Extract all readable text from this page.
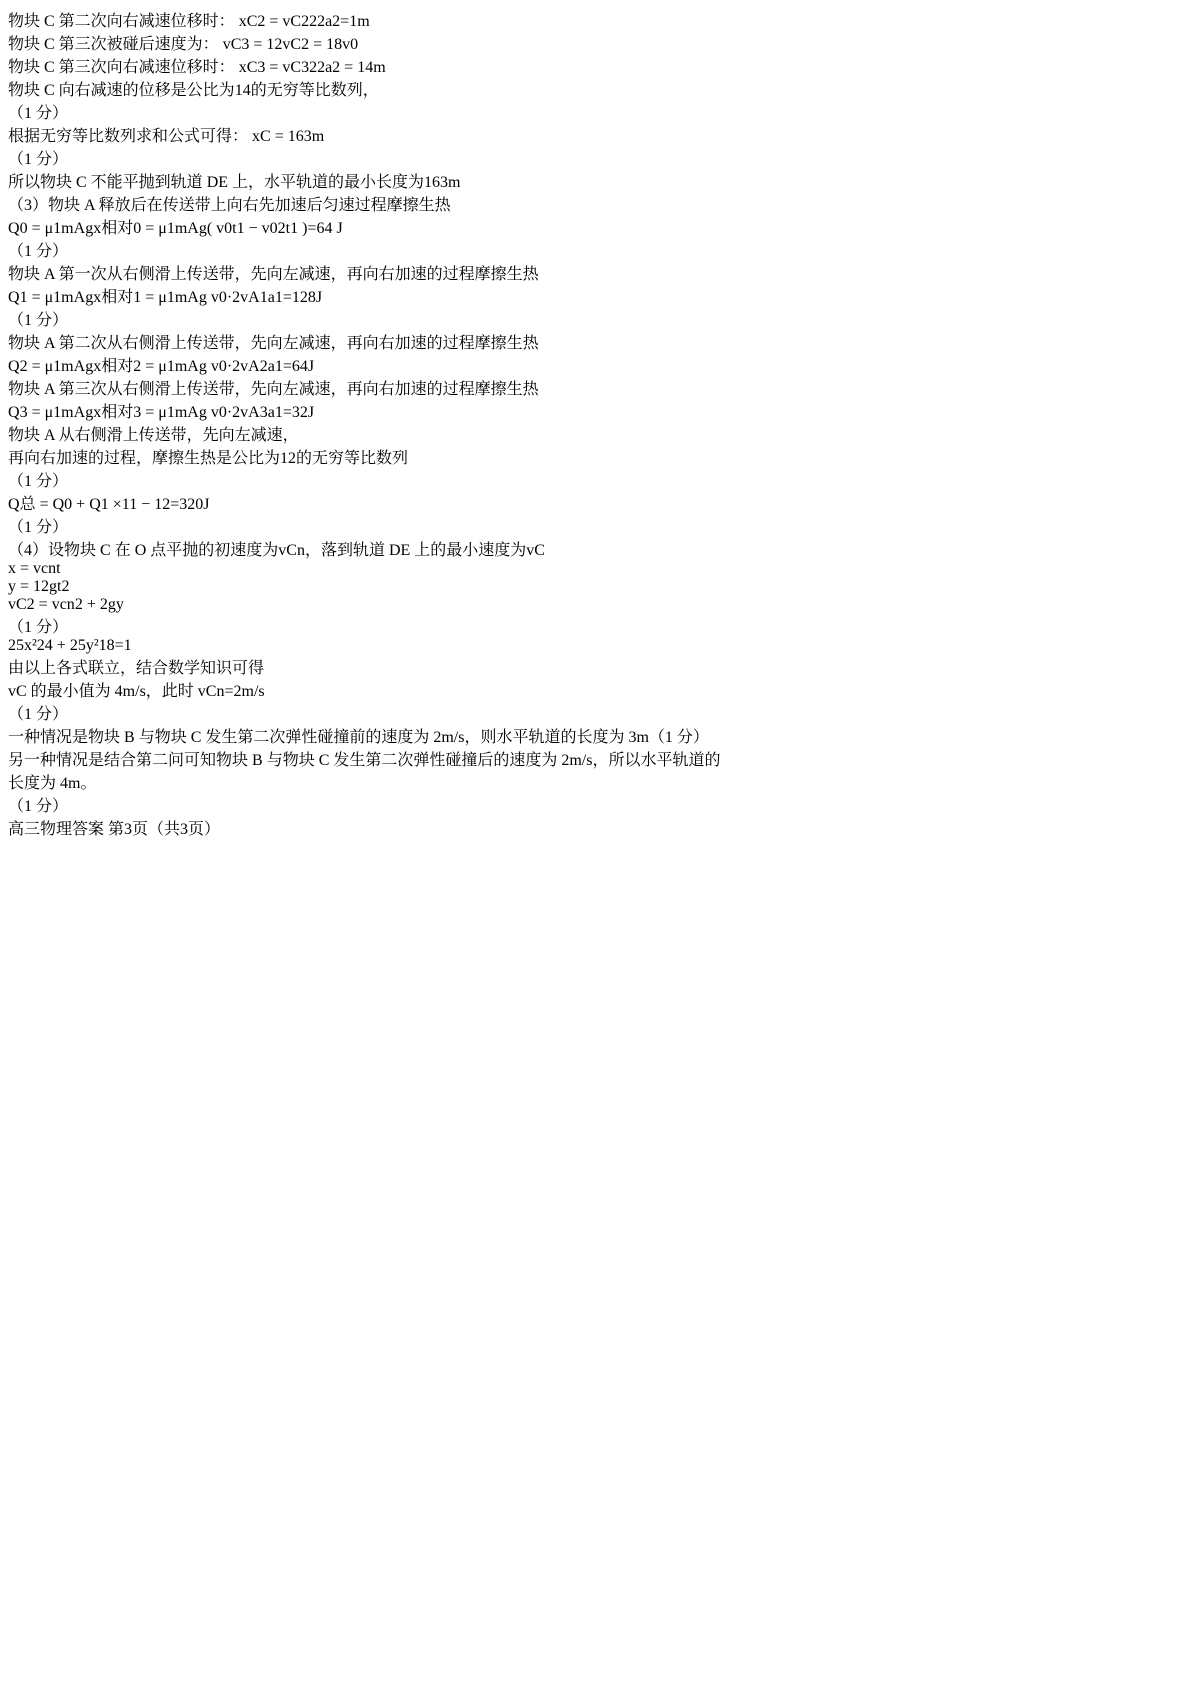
物块 C 第二次向右减速位移时： xC2 = vC222a2=1m
物块 C 第三次被碰后速度为： vC3 = 12vC2 = 18v0
物块 C 第三次向右减速位移时： xC3 = vC322a2 = 14m
物块 C 向右减速的位移是公比为14的无穷等比数列，
（1 分）
根据无穷等比数列求和公式可得： xC = 163m
（1 分）
所以物块 C 不能平抛到轨道 DE 上，水平轨道的最小长度为163m
（3）物块 A 释放后在传送带上向右先加速后匀速过程摩擦生热
Q0 = μ1mAgx相对0 = μ1mAg( v0t1 − v02t1 )=64 J
（1 分）
物块 A 第一次从右侧滑上传送带，先向左减速，再向右加速的过程摩擦生热
Q1 = μ1mAgx相对1 = μ1mAg v0·2vA1a1=128J
（1 分）
物块 A 第二次从右侧滑上传送带，先向左减速，再向右加速的过程摩擦生热
Q2 = μ1mAgx相对2 = μ1mAg v0·2vA2a1=64J
物块 A 第三次从右侧滑上传送带，先向左减速，再向右加速的过程摩擦生热
Q3 = μ1mAgx相对3 = μ1mAg v0·2vA3a1=32J
物块 A 从右侧滑上传送带，先向左减速，
再向右加速的过程，摩擦生热是公比为12的无穷等比数列
（1 分）
Q总 = Q0 + Q1 ×11 − 12=320J
（1 分）
（4）设物块 C 在 O 点平抛的初速度为vCn，落到轨道 DE 上的最小速度为vC
x = vcnt
y = 12gt2
vC2 = vcn2 + 2gy
（1 分）
25x²24 + 25y²18=1
由以上各式联立，结合数学知识可得
vC 的最小值为 4m/s，此时 vCn=2m/s
（1 分）
一种情况是物块 B 与物块 C 发生第二次弹性碰撞前的速度为 2m/s，则水平轨道的长度为 3m（1 分）
另一种情况是结合第二问可知物块 B 与物块 C 发生第二次弹性碰撞后的速度为 2m/s，所以水平轨道的
长度为 4m。
（1 分）
高三物理答案 第3页（共3页）
